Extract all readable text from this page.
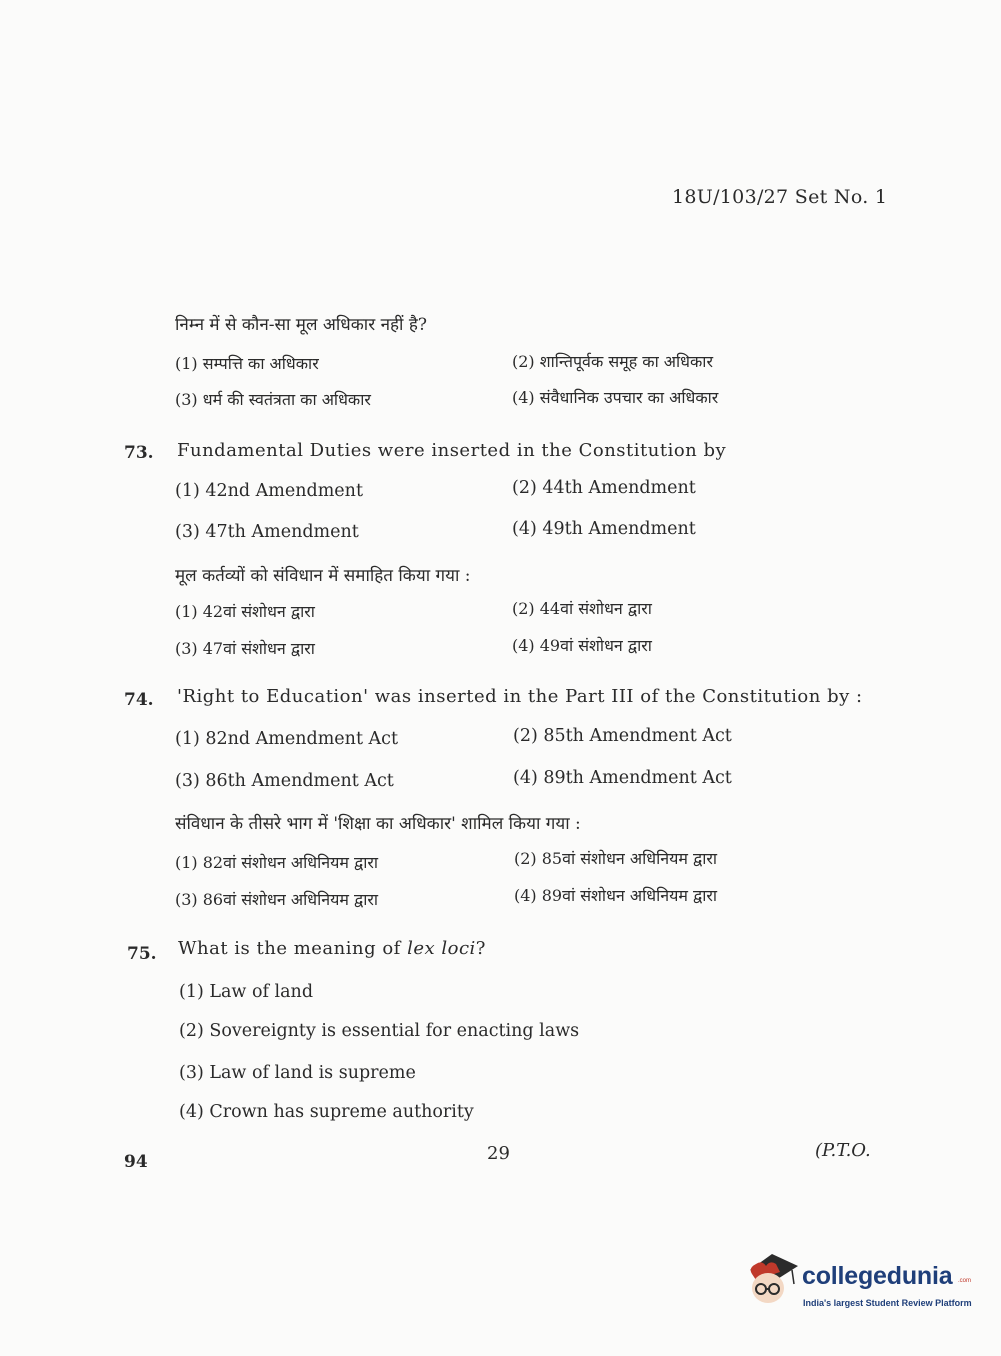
18U/103/27 Set No. 1
निम्न में से कौन-सा मूल अधिकार नहीं है?
(1) सम्पत्ति का अधिकार	(2) शान्तिपूर्वक समूह का अधिकार
(3) धर्म की स्वतंत्रता का अधिकार	(4) संवैधानिक उपचार का अधिकार
73. Fundamental Duties were inserted in the Constitution by
(1) 42nd Amendment	(2) 44th Amendment
(3) 47th Amendment	(4) 49th Amendment
मूल कर्तव्यों को संविधान में समाहित किया गया :
(1) 42वां संशोधन द्वारा	(2) 44वां संशोधन द्वारा
(3) 47वां संशोधन द्वारा	(4) 49वां संशोधन द्वारा
74. 'Right to Education' was inserted in the Part III of the Constitution by :
(1) 82nd Amendment Act	(2) 85th Amendment Act
(3) 86th Amendment Act	(4) 89th Amendment Act
संविधान के तीसरे भाग में 'शिक्षा का अधिकार' शामिल किया गया :
(1) 82वां संशोधन अधिनियम द्वारा	(2) 85वां संशोधन अधिनियम द्वारा
(3) 86वां संशोधन अधिनियम द्वारा	(4) 89वां संशोधन अधिनियम द्वारा
75. What is the meaning of lex loci?
(1) Law of land
(2) Sovereignty is essential for enacting laws
(3) Law of land is supreme
(4) Crown has supreme authority
94	29	(P.T.O.
collegedunia .com
India's largest Student Review Platform
